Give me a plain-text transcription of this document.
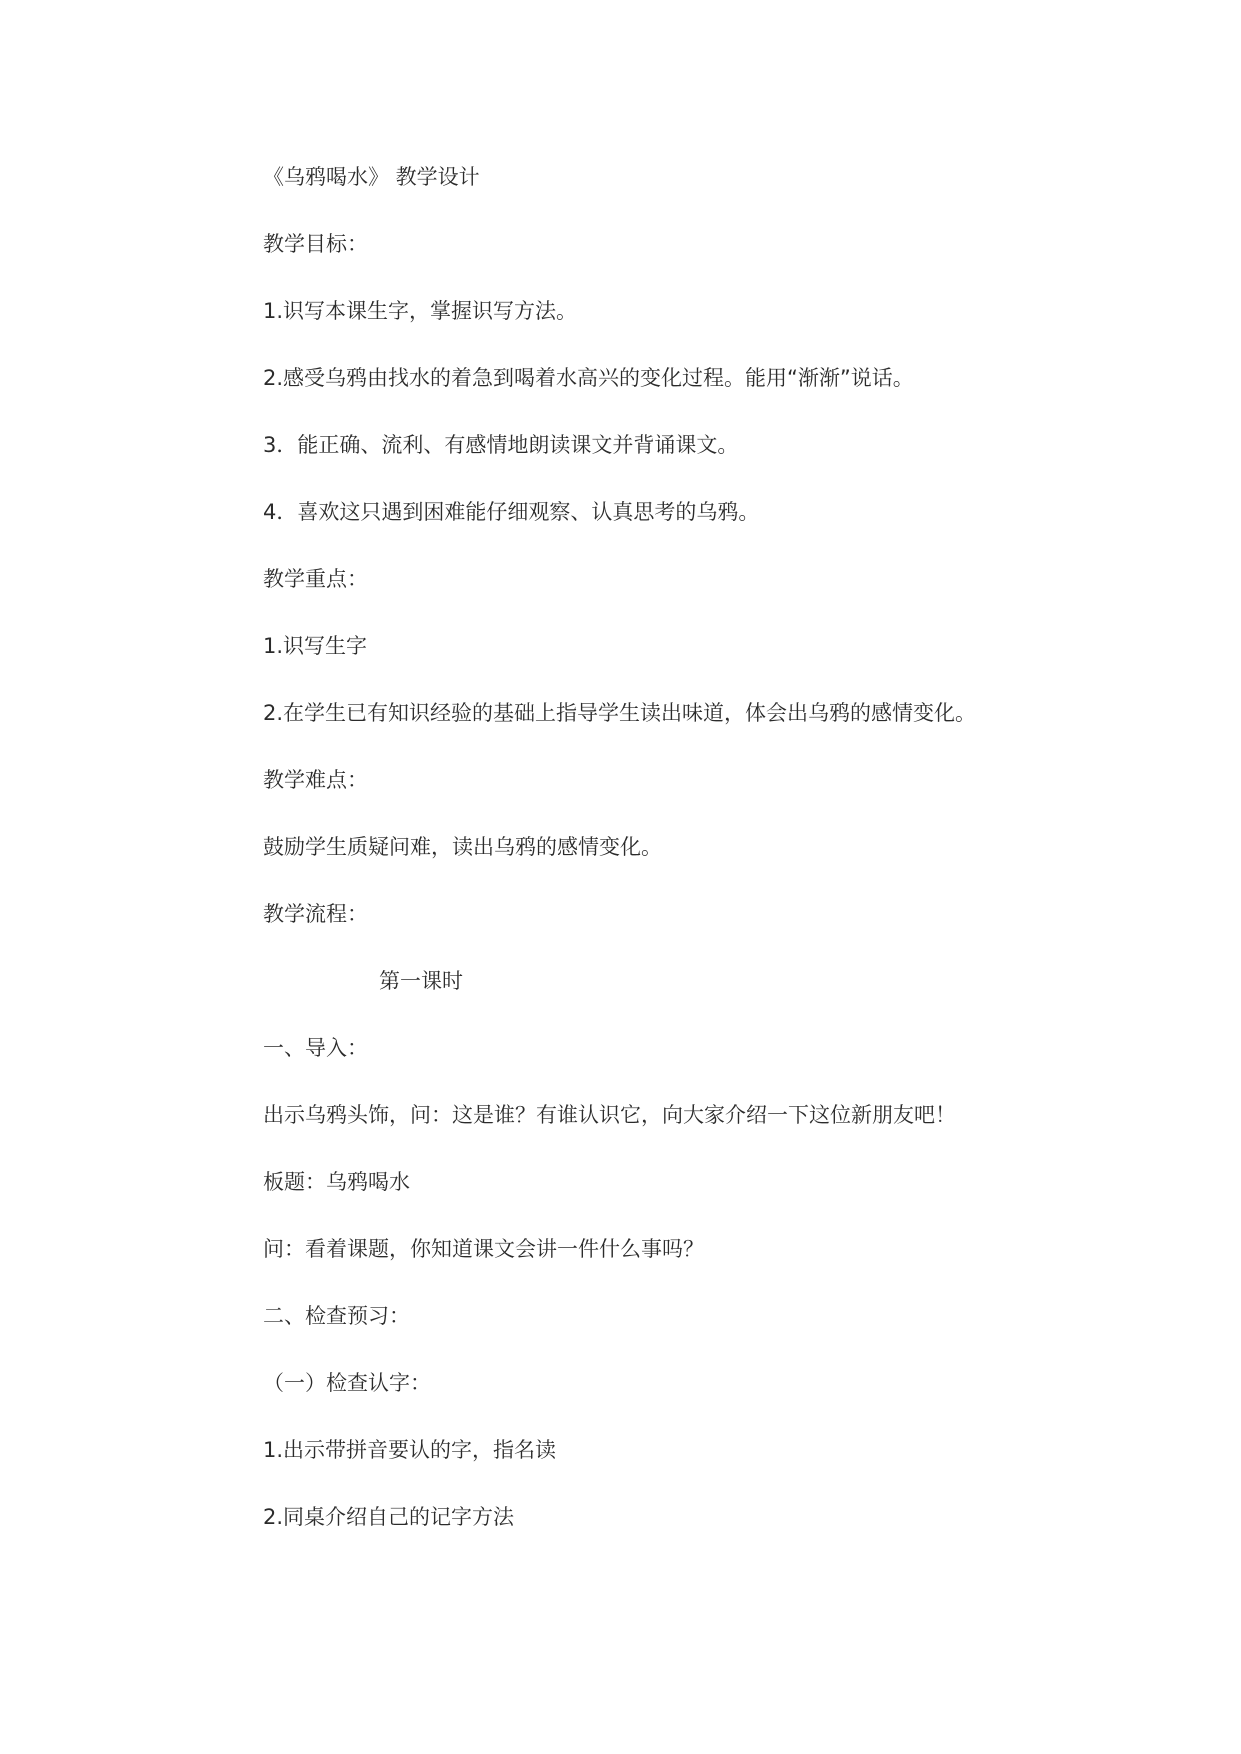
《乌鸦喝水》 教学设计
教学目标：
1.识写本课生字，掌握识写方法。
2.感受乌鸦由找水的着急到喝着水高兴的变化过程。能用“渐渐”说话。
3．能正确、流利、有感情地朗读课文并背诵课文。
4．喜欢这只遇到困难能仔细观察、认真思考的乌鸦。
教学重点：
1.识写生字
2.在学生已有知识经验的基础上指导学生读出味道，体会出乌鸦的感情变化。
教学难点：
鼓励学生质疑问难，读出乌鸦的感情变化。
教学流程：
第一课时
一、导入：
出示乌鸦头饰，问：这是谁？有谁认识它，向大家介绍一下这位新朋友吧！
板题：乌鸦喝水
问：看着课题，你知道课文会讲一件什么事吗？
二、检查预习：
（一）检查认字：
1.出示带拼音要认的字，指名读
2.同桌介绍自己的记字方法
